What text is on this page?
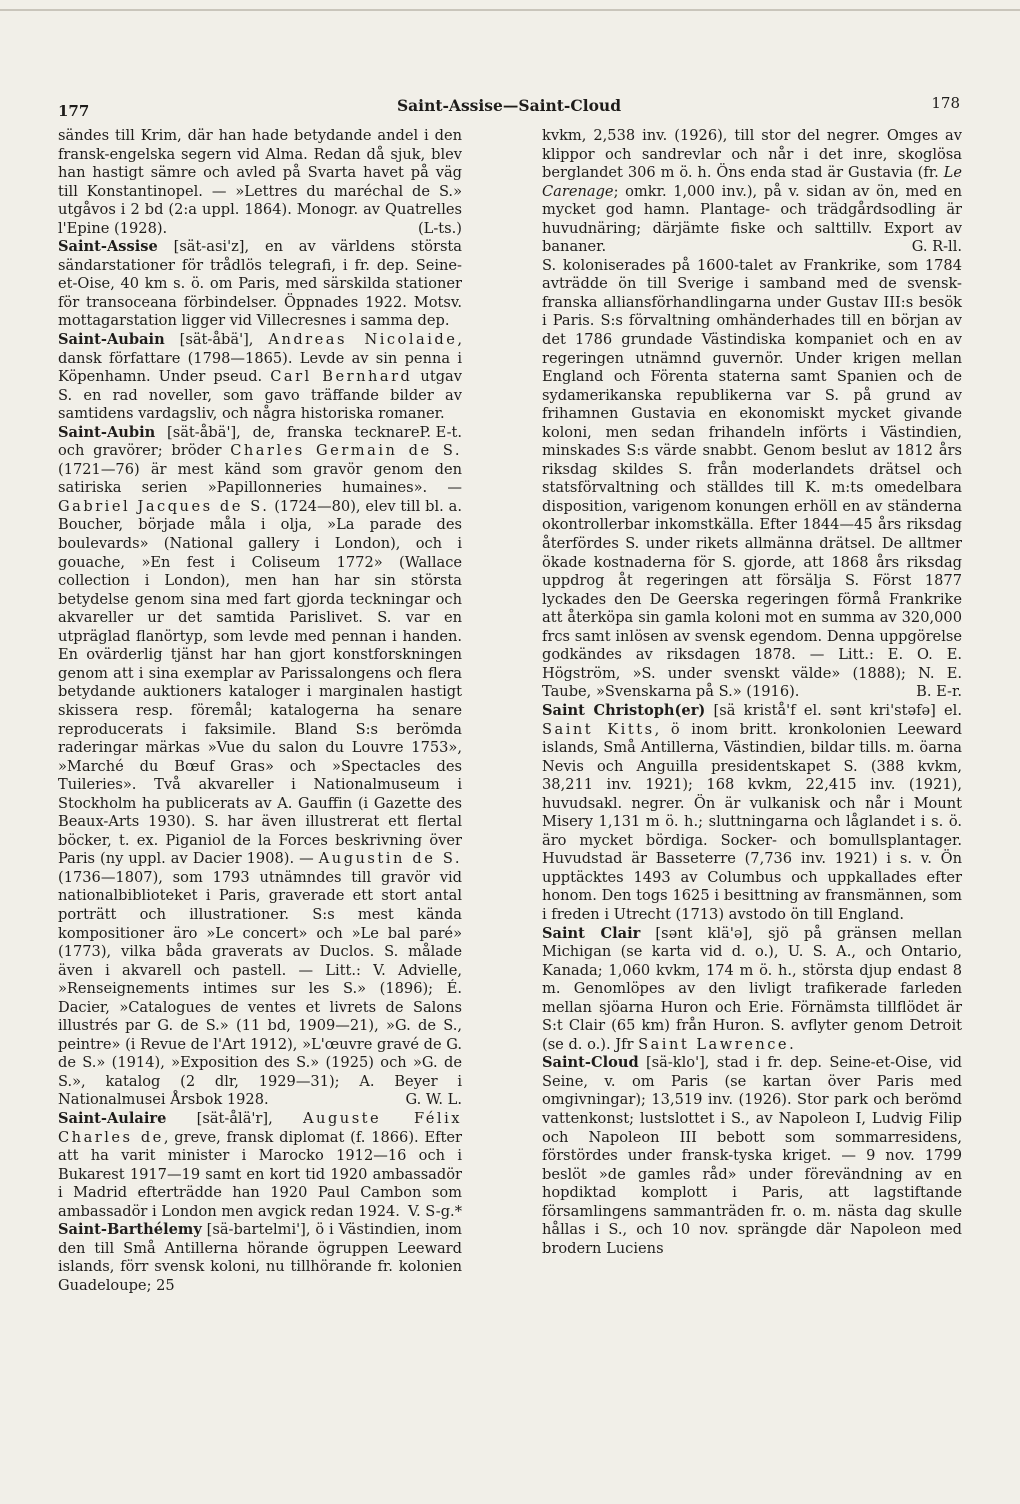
177	Saint-Assise—Saint-Cloud	178

sändes till Krim, där han hade betydande andel i den fransk-engelska segern vid Alma. Redan då sjuk, blev han hastigt sämre och avled på Svarta havet på väg till Konstantinopel. — »Lettres du maréchal de S.» utgåvos i 2 bd (2:a uppl. 1864). Monogr. av Quatrelles l'Epine (1928).	(L-ts.)

Saint-Assise [sät-asi'z], en av världens största sändarstationer för trådlös telegrafi, i fr. dep. Seine-et-Oise, 40 km s. ö. om Paris, med särskilda stationer för transoceana förbindelser. Öppnades 1922. Motsv. mottagarstation ligger vid Villecresnes i samma dep.

Saint-Aubain [sät-åbä'], Andreas Nicolaide, dansk författare (1798—1865). Levde av sin penna i Köpenhamn. Under pseud. Carl Bernhard utgav S. en rad noveller, som gavo träffande bilder av samtidens vardagsliv, och några historiska romaner.
P. E-t.

Saint-Aubin [sät-åbä'], de, franska tecknare och gravörer; bröder Charles Germain de S. (1721—76) är mest känd som gravör genom den satiriska serien »Papillonneries humaines». — Gabriel Jacques de S. (1724—80), elev till bl. a. Boucher, började måla i olja, »La parade des boulevards» (National gallery i London), och i gouache, »En fest i Coliseum 1772» (Wallace collection i London), men han har sin största betydelse genom sina med fart gjorda teckningar och akvareller ur det samtida Parislivet. S. var en utpräglad flanörtyp, som levde med pennan i handen. En ovärderlig tjänst har han gjort konstforskningen genom att i sina exemplar av Parissalongens och flera betydande auktioners kataloger i marginalen hastigt skissera resp. föremål; katalogerna ha senare reproducerats i faksimile. Bland S:s berömda raderingar märkas »Vue du salon du Louvre 1753», »Marché du Bœuf Gras» och »Spectacles des Tuileries». Två akvareller i Nationalmuseum i Stockholm ha publicerats av A. Gauffin (i Gazette des Beaux-Arts 1930). S. har även illustrerat ett flertal böcker, t. ex. Piganiol de la Forces beskrivning över Paris (ny uppl. av Dacier 1908). — Augustin de S. (1736—1807), som 1793 utnämndes till gravör vid nationalbiblioteket i Paris, graverade ett stort antal porträtt och illustrationer. S:s mest kända kompositioner äro »Le concert» och »Le bal paré» (1773), vilka båda graverats av Duclos. S. målade även i akvarell och pastell. — Litt.: V. Advielle, »Renseignements intimes sur les S.» (1896); É. Dacier, »Catalogues de ventes et livrets de Salons illustrés par G. de S.» (11 bd, 1909—21), »G. de S., peintre» (i Revue de l'Art 1912), »L'œuvre gravé de G. de S.» (1914), »Exposition des S.» (1925) och »G. de S.», katalog (2 dlr, 1929—31); A. Beyer i Nationalmusei Årsbok 1928.	G. W. L.

Saint-Aulaire [sät-ålä'r], Auguste Félix Charles de, greve, fransk diplomat (f. 1866). Efter att ha varit minister i Marocko 1912—16 och i Bukarest 1917—19 samt en kort tid 1920 ambassadör i Madrid efterträdde han 1920 Paul Cambon som ambassadör i London men avgick redan 1924. V. S-g.*

Saint-Barthélemy [sä-bartelmi'], ö i Västindien, inom den till Små Antillerna hörande ögruppen Leeward islands, förr svensk koloni, nu tillhörande fr. kolonien Guadeloupe; 25

kvkm, 2,538 inv. (1926), till stor del negrer. Omges av klippor och sandrevlar och når i det inre, skoglösa berglandet 306 m ö. h. Öns enda stad är Gustavia (fr. Le Carenage; omkr. 1,000 inv.), på v. sidan av ön, med en mycket god hamn. Plantage- och trädgårdsodling är huvudnäring; därjämte fiske och salttillv. Export av bananer.	G. R-ll.

S. koloniserades på 1600-talet av Frankrike, som 1784 avträdde ön till Sverige i samband med de svensk-franska alliansförhandlingarna under Gustav III:s besök i Paris. S:s förvaltning omhänderhades till en början av det 1786 grundade Västindiska kompaniet och en av regeringen utnämnd guvernör. Under krigen mellan England och Förenta staterna samt Spanien och de sydamerikanska republikerna var S. på grund av frihamnen Gustavia en ekonomiskt mycket givande koloni, men sedan frihandeln införts i Västindien, minskades S:s värde snabbt. Genom beslut av 1812 års riksdag skildes S. från moderlandets drätsel och statsförvaltning och ställdes till K. m:ts omedelbara disposition, varigenom konungen erhöll en av ständerna okontrollerbar inkomstkälla. Efter 1844—45 års riksdag återfördes S. under rikets allmänna drätsel. De alltmer ökade kostnaderna för S. gjorde, att 1868 års riksdag uppdrog åt regeringen att försälja S. Först 1877 lyckades den De Geerska regeringen förmå Frankrike att återköpa sin gamla koloni mot en summa av 320,000 frcs samt inlösen av svensk egendom. Denna uppgörelse godkändes av riksdagen 1878. — Litt.: E. O. E. Högström, »S. under svenskt välde» (1888); N. E. Taube, »Svenskarna på S.» (1916).	B. E-r.

Saint Christoph(er) [sä kristå'f el. sənt kri'stəfə] el. Saint Kitts, ö inom britt. kronkolonien Leeward islands, Små Antillerna, Västindien, bildar tills. m. öarna Nevis och Anguilla presidentskapet S. (388 kvkm, 38,211 inv. 1921); 168 kvkm, 22,415 inv. (1921), huvudsakl. negrer. Ön är vulkanisk och når i Mount Misery 1,131 m ö. h.; sluttningarna och låglandet i s. ö. äro mycket bördiga. Socker- och bomullsplantager. Huvudstad är Basseterre (7,736 inv. 1921) i s. v. Ön upptäcktes 1493 av Columbus och uppkallades efter honom. Den togs 1625 i besittning av fransmännen, som i freden i Utrecht (1713) avstodo ön till England.

Saint Clair [sənt klä'ə], sjö på gränsen mellan Michigan (se karta vid d. o.), U. S. A., och Ontario, Kanada; 1,060 kvkm, 174 m ö. h., största djup endast 8 m. Genomlöpes av den livligt trafikerade farleden mellan sjöarna Huron och Erie. Förnämsta tillflödet är S:t Clair (65 km) från Huron. S. avflyter genom Detroit (se d. o.). Jfr Saint Lawrence.

Saint-Cloud [sä-klo'], stad i fr. dep. Seine-et-Oise, vid Seine, v. om Paris (se kartan över Paris med omgivningar); 13,519 inv. (1926). Stor park och berömd vattenkonst; lustslottet i S., av Napoleon I, Ludvig Filip och Napoleon III bebott som sommarresidens, förstördes under fransk-tyska kriget. — 9 nov. 1799 beslöt »de gamles råd» under förevändning av en hopdiktad komplott i Paris, att lagstiftande församlingens sammanträden fr. o. m. nästa dag skulle hållas i S., och 10 nov. sprängde där Napoleon med brodern Luciens
